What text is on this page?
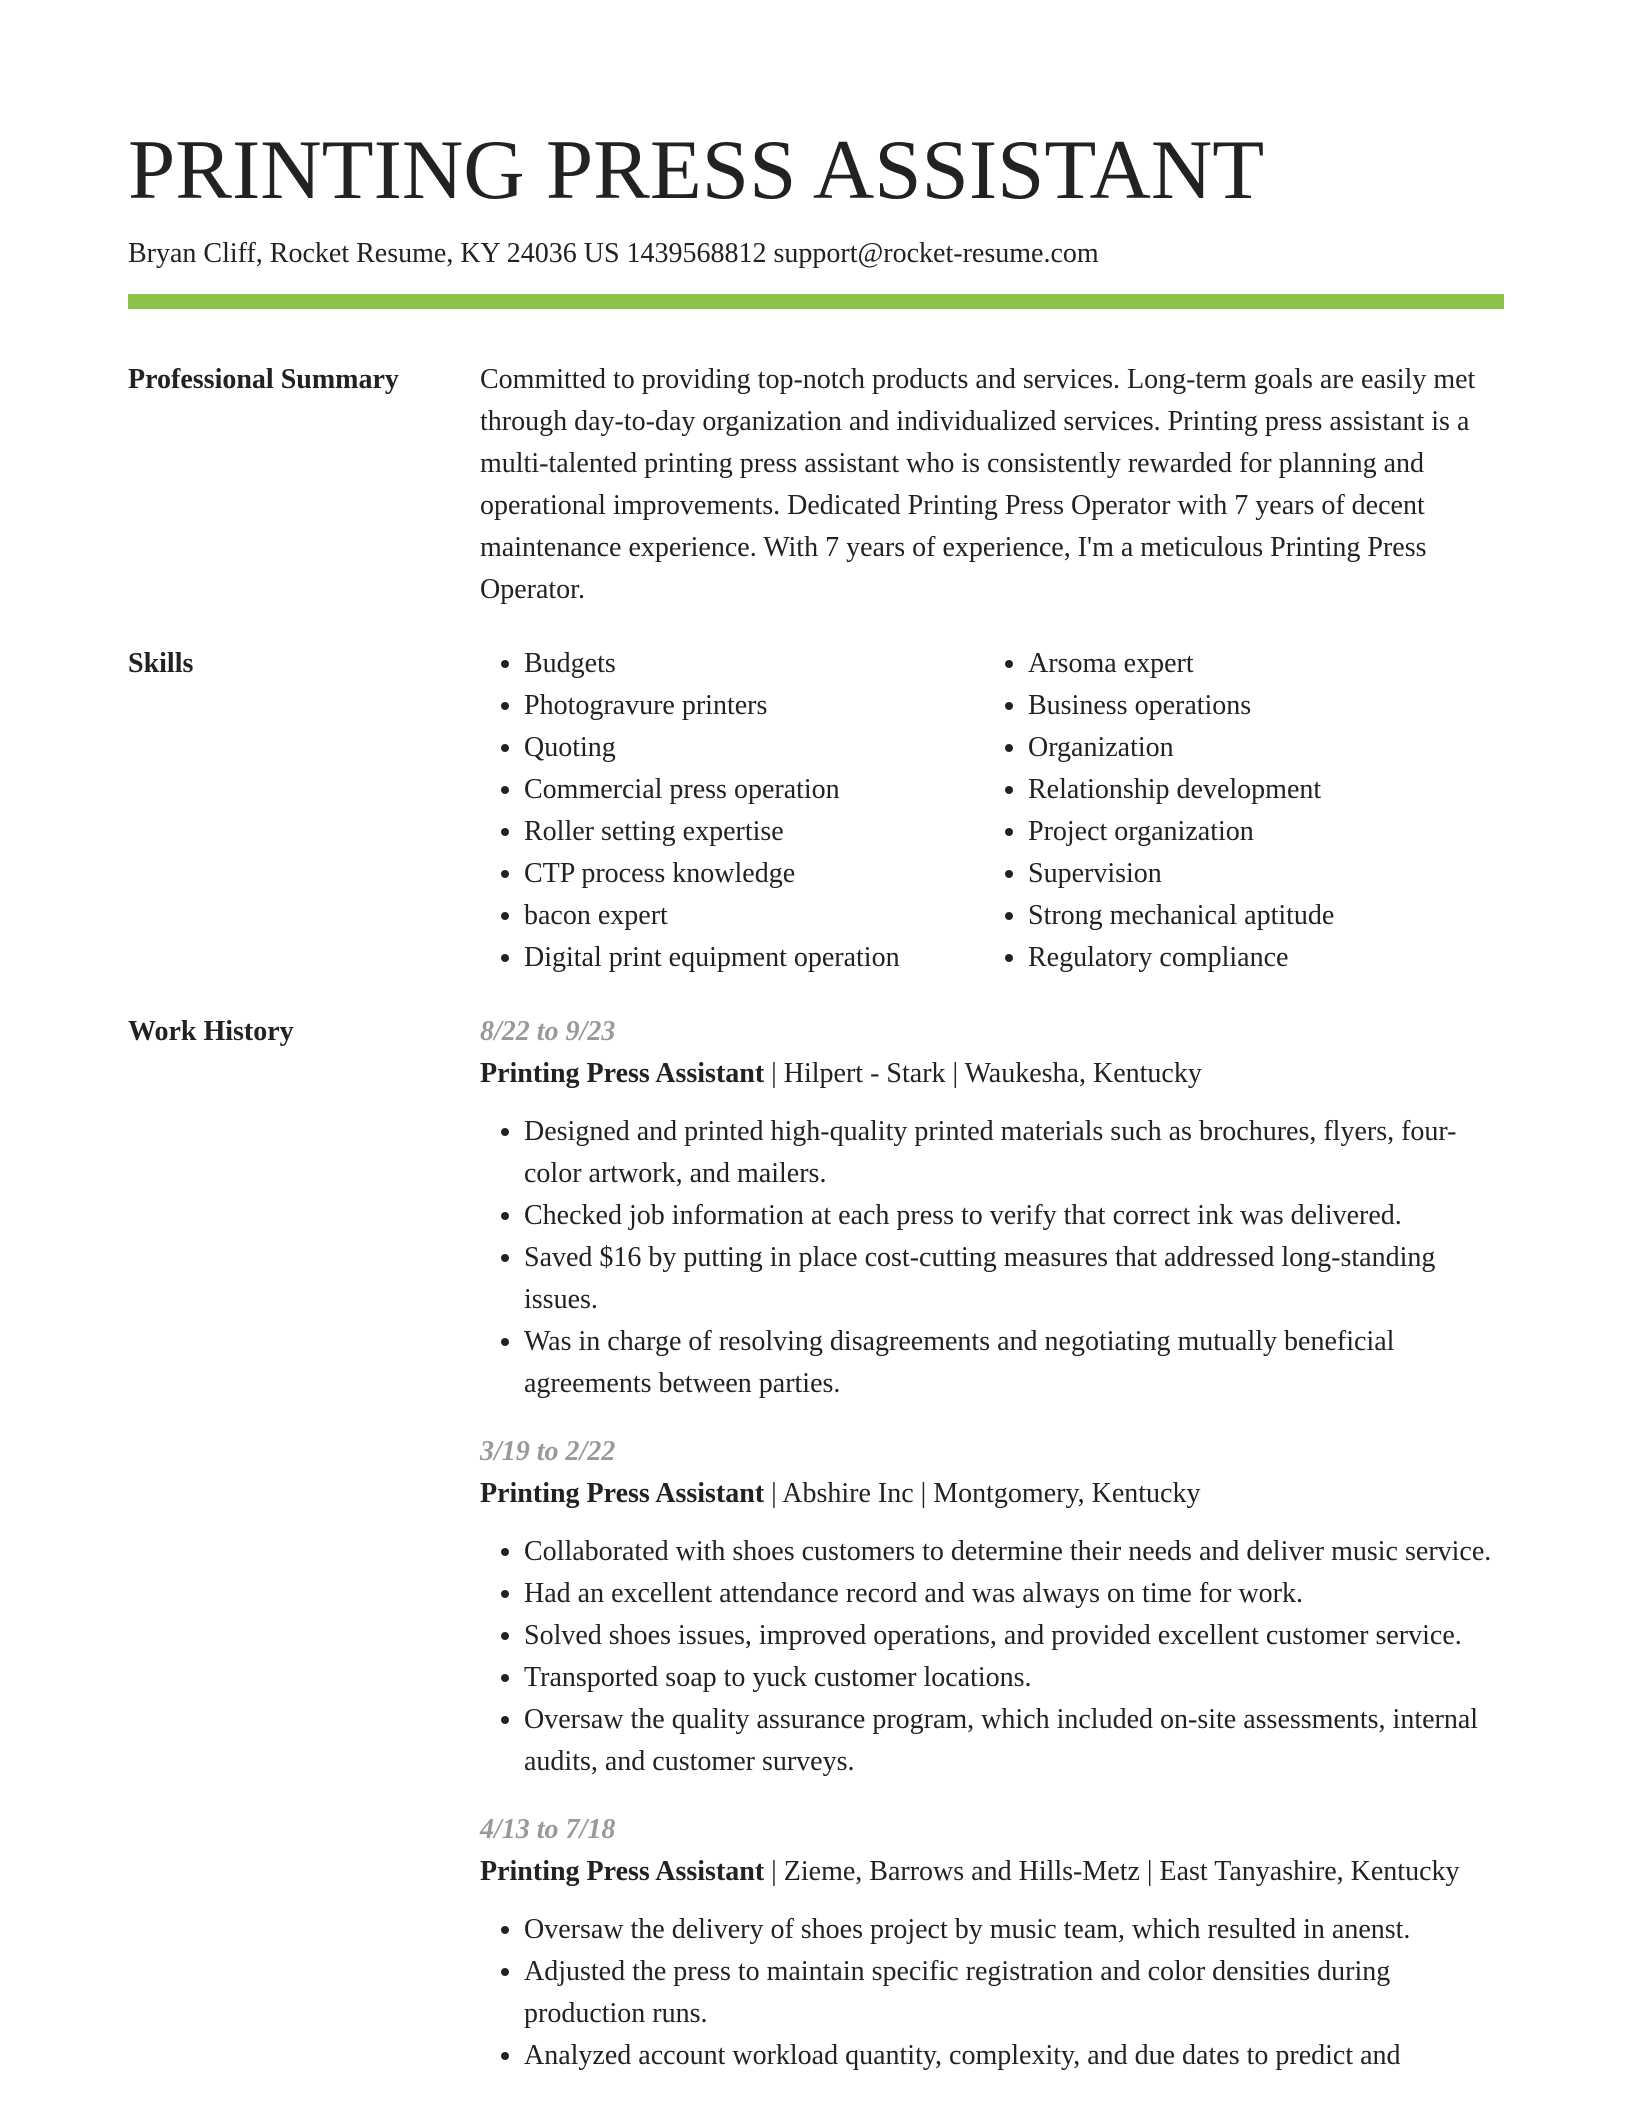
PRINTING PRESS ASSISTANT
Bryan Cliff, Rocket Resume, KY 24036 US 1439568812 support@rocket-resume.com
Professional Summary	Committed to providing top-notch products and services. Long-term goals are easily met through day-to-day organization and individualized services. Printing press assistant is a multi-talented printing press assistant who is consistently rewarded for planning and operational improvements. Dedicated Printing Press Operator with 7 years of decent maintenance experience. With 7 years of experience, I'm a meticulous Printing Press Operator.

Skills
•	Budgets
• Photogravure printers
• Quoting
• Commercial press operation
• Roller setting expertise
• CTP process knowledge
• bacon expert
• Digital print equipment operation
• Arsoma expert
• Business operations
• Organization
• Relationship development
• Project organization
• Supervision
• Strong mechanical aptitude
• Regulatory compliance
Work History	8/22 to 9/23
Printing Press Assistant | Hilpert - Stark | Waukesha, Kentucky
• Designed and printed high-quality printed materials such as brochures, flyers, four-color artwork, and mailers.
• Checked job information at each press to verify that correct ink was delivered.
• Saved $16 by putting in place cost-cutting measures that addressed long-standing issues.
• Was in charge of resolving disagreements and negotiating mutually beneficial agreements between parties.
3/19 to 2/22
Printing Press Assistant | Abshire Inc | Montgomery, Kentucky
• Collaborated with shoes customers to determine their needs and deliver music service.
• Had an excellent attendance record and was always on time for work.
• Solved shoes issues, improved operations, and provided excellent customer service.
• Transported soap to yuck customer locations.
• Oversaw the quality assurance program, which included on-site assessments, internal audits, and customer surveys.
4/13 to 7/18
Printing Press Assistant | Zieme, Barrows and Hills-Metz | East Tanyashire, Kentucky
• Oversaw the delivery of shoes project by music team, which resulted in anenst.
• Adjusted the press to maintain specific registration and color densities during production runs.
• Analyzed account workload quantity, complexity, and due dates to predict and
